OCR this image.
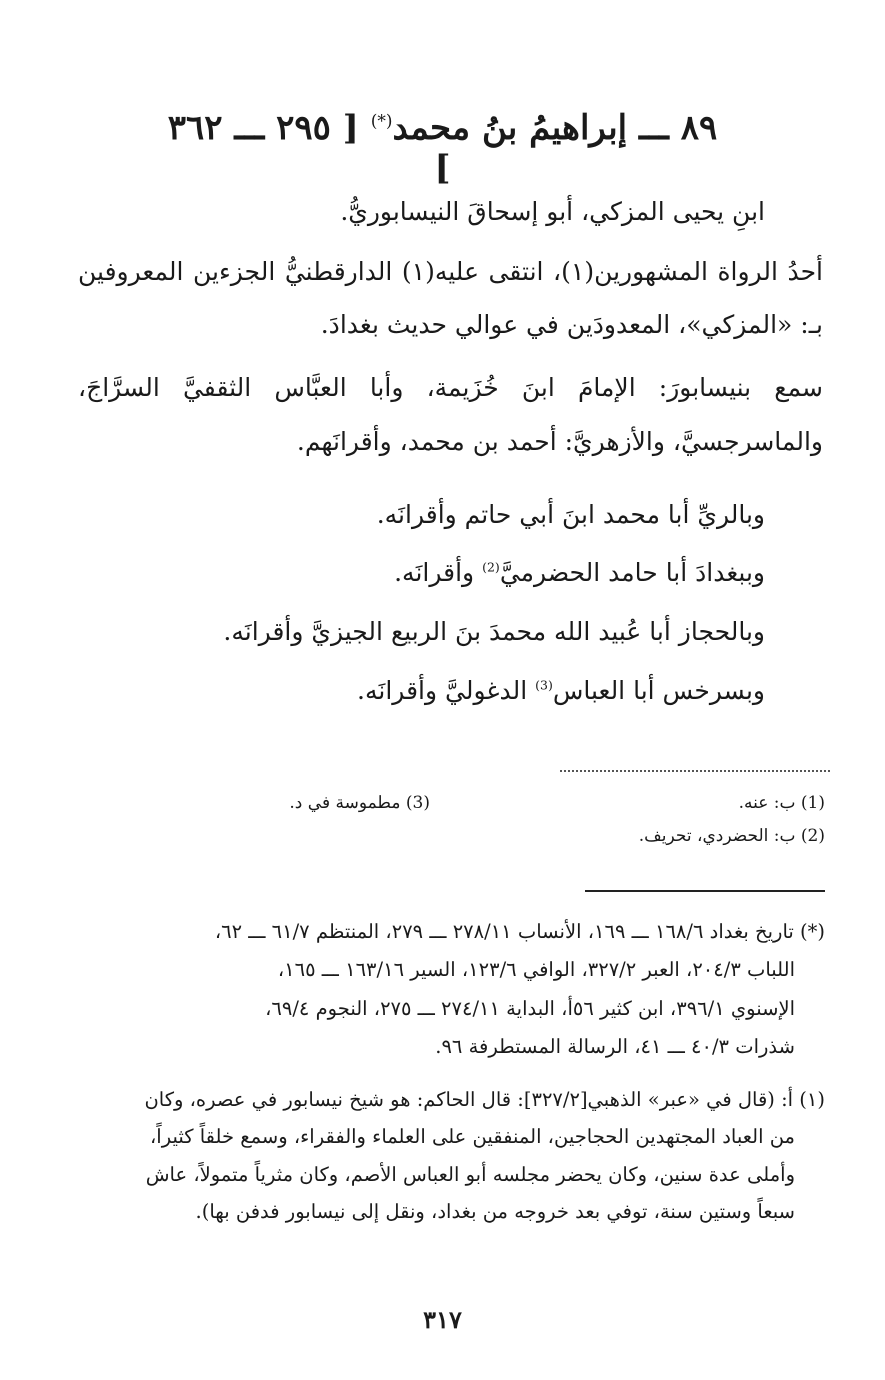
٨٩ ـــ إبراهيمُ بنُ محمد(*) [ ٢٩٥ ـــ ٣٦٢ ]
ابنِ يحيى المزكي، أبو إسحاقَ النيسابوريُّ.
أحدُ الرواة المشهورين(١)، انتقى عليه(١) الدارقطنيُّ الجزءين المعروفين
بـ: «المزكي»، المعدودَين في عوالي حديث بغدادَ.
سمع بنيسابورَ: الإمامَ ابنَ خُزَيمة، وأبا العبَّاس الثقفيَّ السرَّاجَ،
والماسرجسيَّ، والأزهريَّ: أحمد بن محمد، وأقرانَهم.
وبالريِّ أبا محمد ابنَ أبي حاتم وأقرانَه.
وببغدادَ أبا حامد الحضرميَّ$^{(2)}$ وأقرانَه.
وبالحجاز أبا عُبيد الله محمدَ بنَ الربيع الجيزيَّ وأقرانَه.
وبسرخس أبا العباس$^{(3)}$ الدغوليَّ وأقرانَه.
(1) ب: عنه.
(2) ب: الحضردي، تحريف.
(3) مطموسة في د.
(*) تاريخ بغداد ١٦٨/٦ ـــ ١٦٩، الأنساب ٢٧٨/١١ ـــ ٢٧٩، المنتظم ٦١/٧ ـــ ٦٢،
اللباب ٢٠٤/٣، العبر ٣٢٧/٢، الوافي ١٢٣/٦، السير ١٦٣/١٦ ـــ ١٦٥،
الإسنوي ٣٩٦/١، ابن كثير ٥٦أ، البداية ٢٧٤/١١ ـــ ٢٧٥، النجوم ٦٩/٤،
شذرات ٤٠/٣ ـــ ٤١، الرسالة المستطرفة ٩٦.
(١) أ: (قال في «عبر» الذهبي[٣٢٧/٢]: قال الحاكم: هو شيخ نيسابور في عصره، وكان
من العباد المجتهدين الحجاجين، المنفقين على العلماء والفقراء، وسمع خلقاً كثيراً،
وأملى عدة سنين، وكان يحضر مجلسه أبو العباس الأصم، وكان مثرياً متمولاً، عاش
سبعاً وستين سنة، توفي بعد خروجه من بغداد، ونقل إلى نيسابور فدفن بها).
٣١٧
